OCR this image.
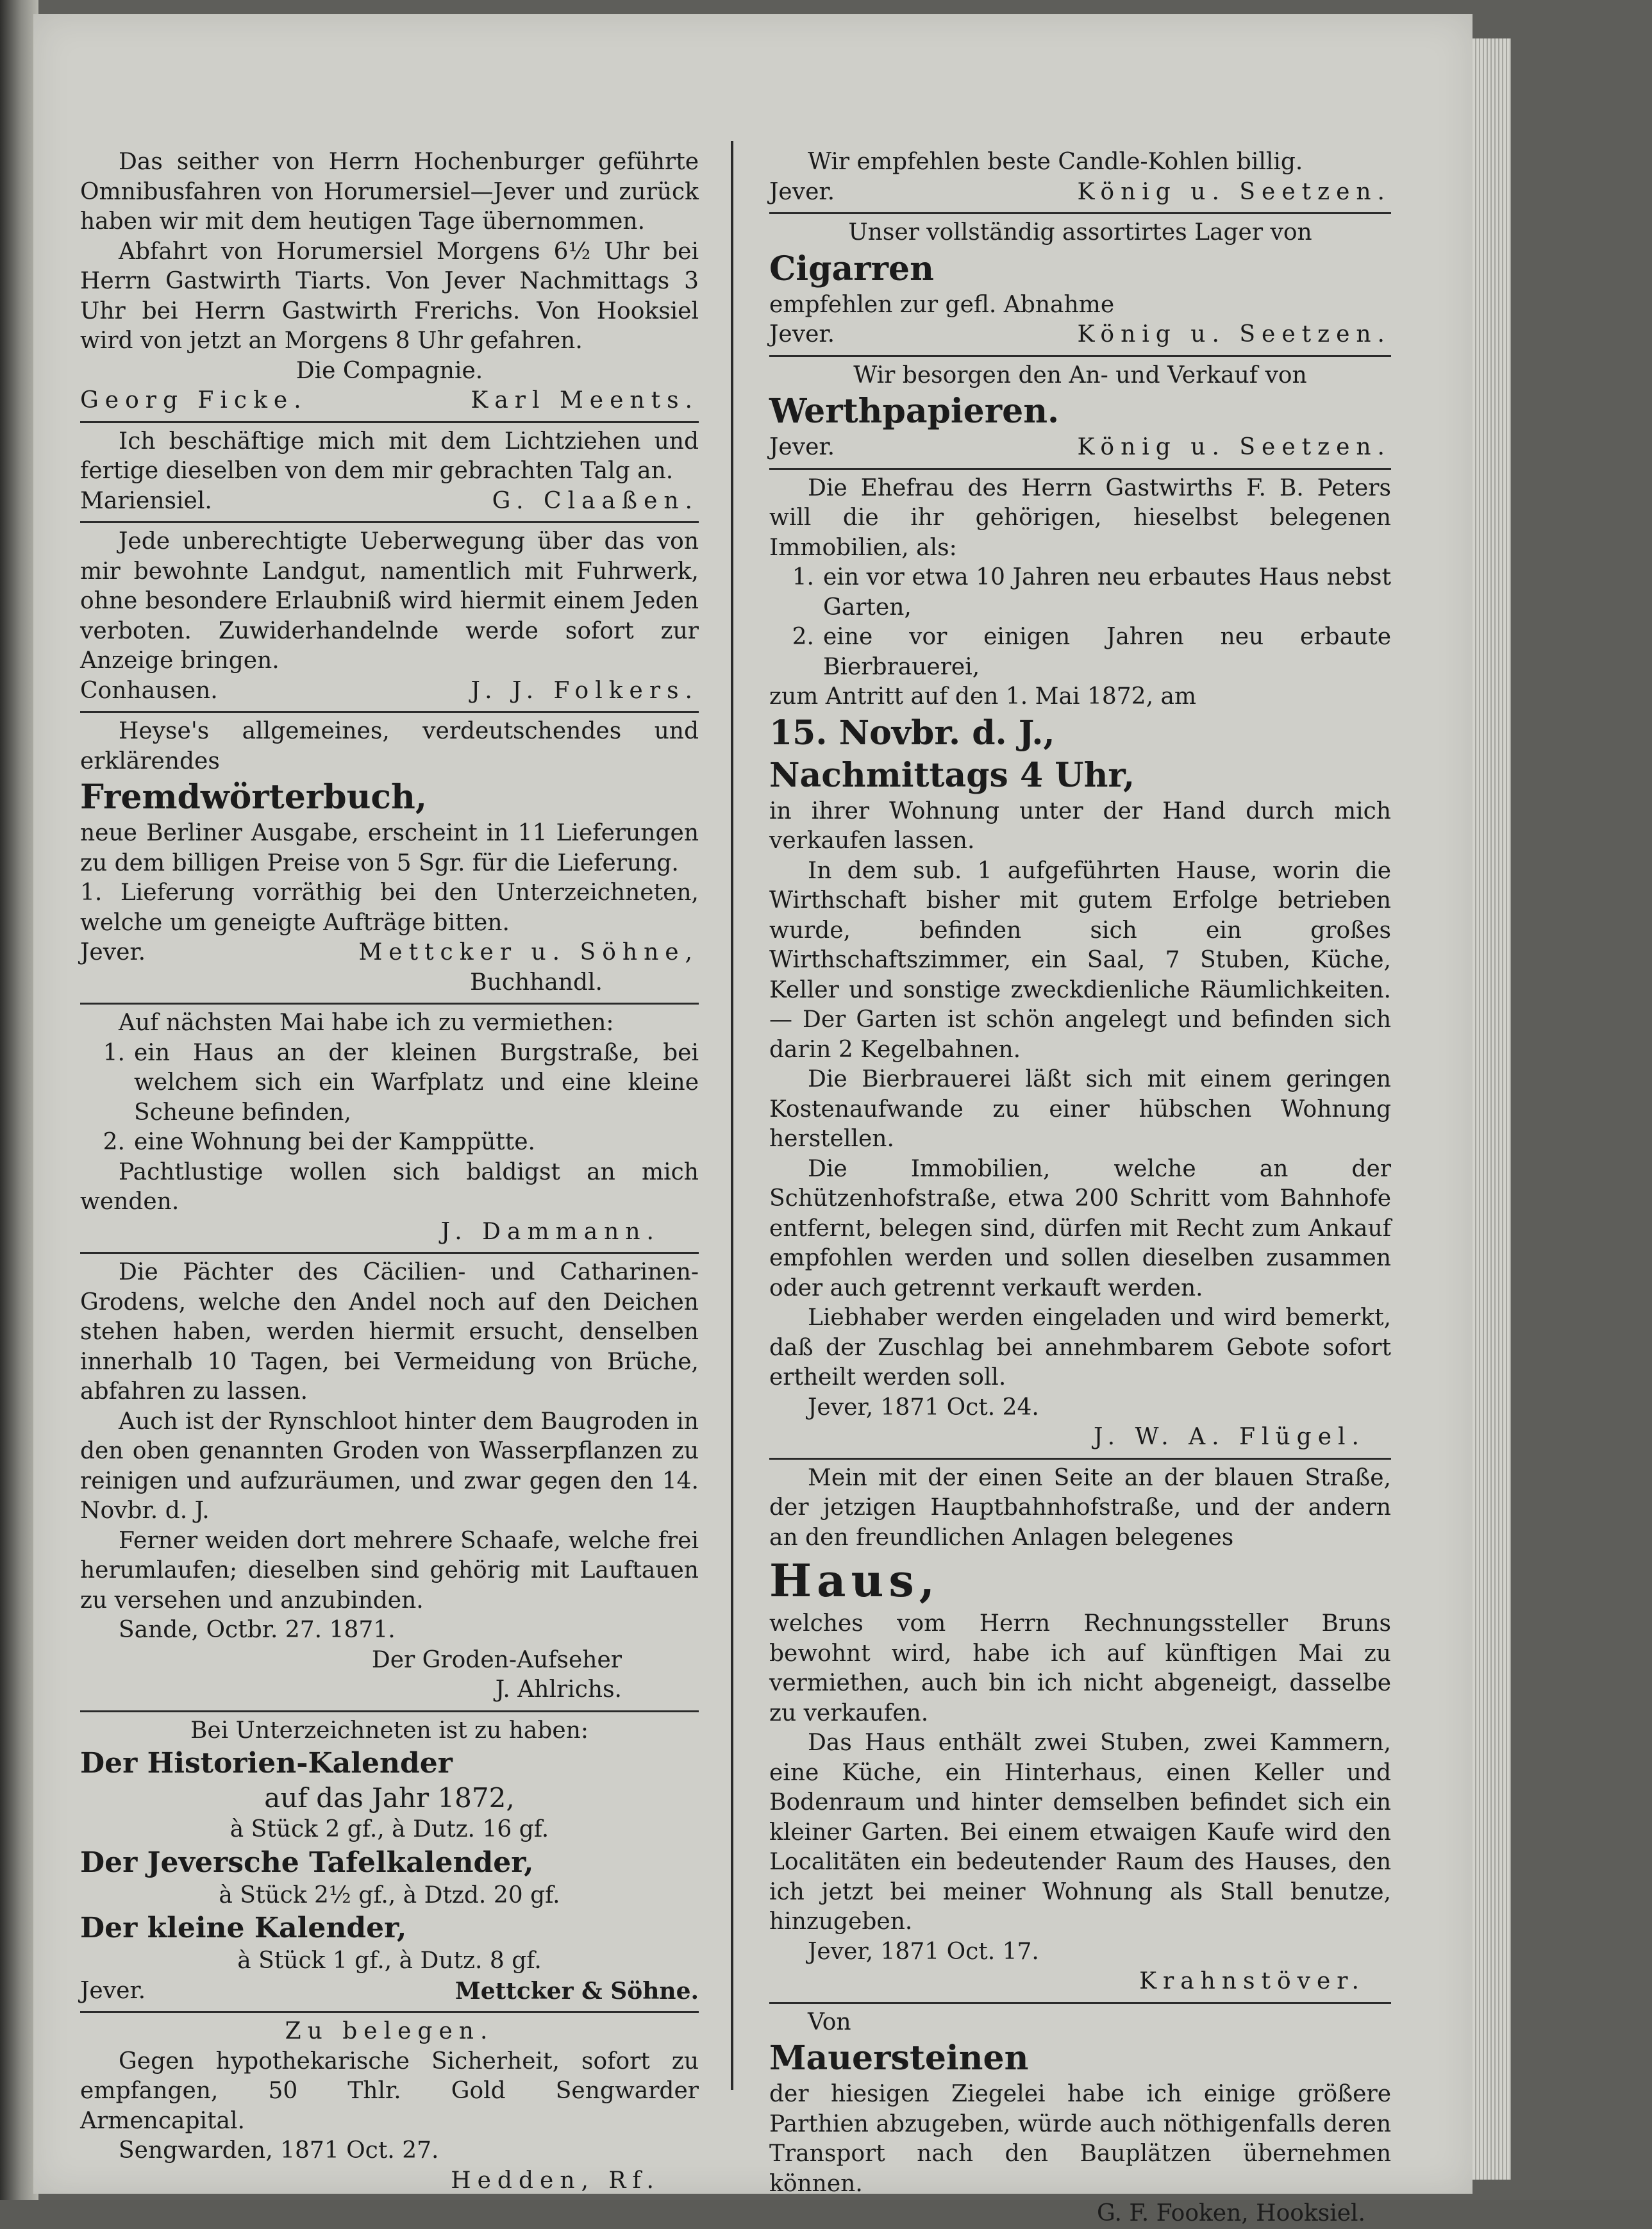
Das seither von Herrn Hochenburger geführte Omnibusfahren von Horumersiel—Jever und zurück haben wir mit dem heutigen Tage übernommen.

Abfahrt von Horumersiel Morgens 6½ Uhr bei Herrn Gastwirth Tiarts. Von Jever Nachmittags 3 Uhr bei Herrn Gastwirth Frerichs. Von Hooksiel wird von jetzt an Morgens 8 Uhr gefahren.

Die Compagnie.

Georg Ficke.	Karl Meents.

Ich beschäftige mich mit dem Lichtziehen und fertige dieselben von dem mir gebrachten Talg an.

Mariensiel.	G. Claaßen.

Jede unberechtigte Ueberwegung über das von mir bewohnte Landgut, namentlich mit Fuhrwerk, ohne besondere Erlaubniß wird hiermit einem Jeden verboten. Zuwiderhandelnde werde sofort zur Anzeige bringen.

Conhausen.	J. J. Folkers.

Heyse's allgemeines, verdeutschendes und erklärendes

Fremdwörterbuch,

neue Berliner Ausgabe, erscheint in 11 Lieferungen zu dem billigen Preise von 5 Sgr. für die Lieferung.

1. Lieferung vorräthig bei den Unterzeichneten, welche um geneigte Aufträge bitten.

Jever.	Mettcker u. Söhne,

Buchhandl.

Auf nächsten Mai habe ich zu vermiethen:

1. ein Haus an der kleinen Burgstraße, bei welchem sich ein Warfplatz und eine kleine Scheune befinden,
2. eine Wohnung bei der Kamppütte.

Pachtlustige wollen sich baldigst an mich wenden.

J. Dammann.

Die Pächter des Cäcilien- und Catharinen-Grodens, welche den Andel noch auf den Deichen stehen haben, werden hiermit ersucht, denselben innerhalb 10 Tagen, bei Vermeidung von Brüche, abfahren zu lassen.

Auch ist der Rynschloot hinter dem Baugroden in den oben genannten Groden von Wasserpflanzen zu reinigen und aufzuräumen, und zwar gegen den 14. Novbr. d. J.

Ferner weiden dort mehrere Schaafe, welche frei herumlaufen; dieselben sind gehörig mit Lauftauen zu versehen und anzubinden.

Sande, Octbr. 27. 1871.

Der Groden-Aufseher

J. Ahlrichs.

Bei Unterzeichneten ist zu haben:

Der Historien-Kalender

auf das Jahr 1872,

à Stück 2 gf., à Dutz. 16 gf.

Der Jeversche Tafelkalender,

à Stück 2½ gf., à Dtzd. 20 gf.

Der kleine Kalender,

à Stück 1 gf., à Dutz. 8 gf.

Jever.	Mettcker & Söhne.

Zu belegen.

Gegen hypothekarische Sicherheit, sofort zu empfangen, 50 Thlr. Gold Sengwarder Armencapital.

Sengwarden, 1871 Oct. 27.

Hedden, Rf.

Wir empfehlen beste Candle-Kohlen billig.

Jever.	König u. Seetzen.

Unser vollständig assortirtes Lager von

Cigarren

empfehlen zur gefl. Abnahme

Jever.	König u. Seetzen.

Wir besorgen den An- und Verkauf von

Werthpapieren.

Jever.	König u. Seetzen.

Die Ehefrau des Herrn Gastwirths F. B. Peters will die ihr gehörigen, hieselbst belegenen Immobilien, als:

1. ein vor etwa 10 Jahren neu erbautes Haus nebst Garten,
2. eine vor einigen Jahren neu erbaute Bierbrauerei,

zum Antritt auf den 1. Mai 1872, am

15. Novbr. d. J.,

Nachmittags 4 Uhr,

in ihrer Wohnung unter der Hand durch mich verkaufen lassen.

In dem sub. 1 aufgeführten Hause, worin die Wirthschaft bisher mit gutem Erfolge betrieben wurde, befinden sich ein großes Wirthschaftszimmer, ein Saal, 7 Stuben, Küche, Keller und sonstige zweckdienliche Räumlichkeiten. — Der Garten ist schön angelegt und befinden sich darin 2 Kegelbahnen.

Die Bierbrauerei läßt sich mit einem geringen Kostenaufwande zu einer hübschen Wohnung herstellen.

Die Immobilien, welche an der Schützenhofstraße, etwa 200 Schritt vom Bahnhofe entfernt, belegen sind, dürfen mit Recht zum Ankauf empfohlen werden und sollen dieselben zusammen oder auch getrennt verkauft werden.

Liebhaber werden eingeladen und wird bemerkt, daß der Zuschlag bei annehmbarem Gebote sofort ertheilt werden soll.

Jever, 1871 Oct. 24.

J. W. A. Flügel.

Mein mit der einen Seite an der blauen Straße, der jetzigen Hauptbahnhofstraße, und der andern an den freundlichen Anlagen belegenes

Haus,

welches vom Herrn Rechnungssteller Bruns bewohnt wird, habe ich auf künftigen Mai zu vermiethen, auch bin ich nicht abgeneigt, dasselbe zu verkaufen.

Das Haus enthält zwei Stuben, zwei Kammern, eine Küche, ein Hinterhaus, einen Keller und Bodenraum und hinter demselben befindet sich ein kleiner Garten. Bei einem etwaigen Kaufe wird den Localitäten ein bedeutender Raum des Hauses, den ich jetzt bei meiner Wohnung als Stall benutze, hinzugeben.

Jever, 1871 Oct. 17.

Krahnstöver.

Von

Mauersteinen

der hiesigen Ziegelei habe ich einige größere Parthien abzugeben, würde auch nöthigenfalls deren Transport nach den Bauplätzen übernehmen können.

G. F. Fooken, Hooksiel.
